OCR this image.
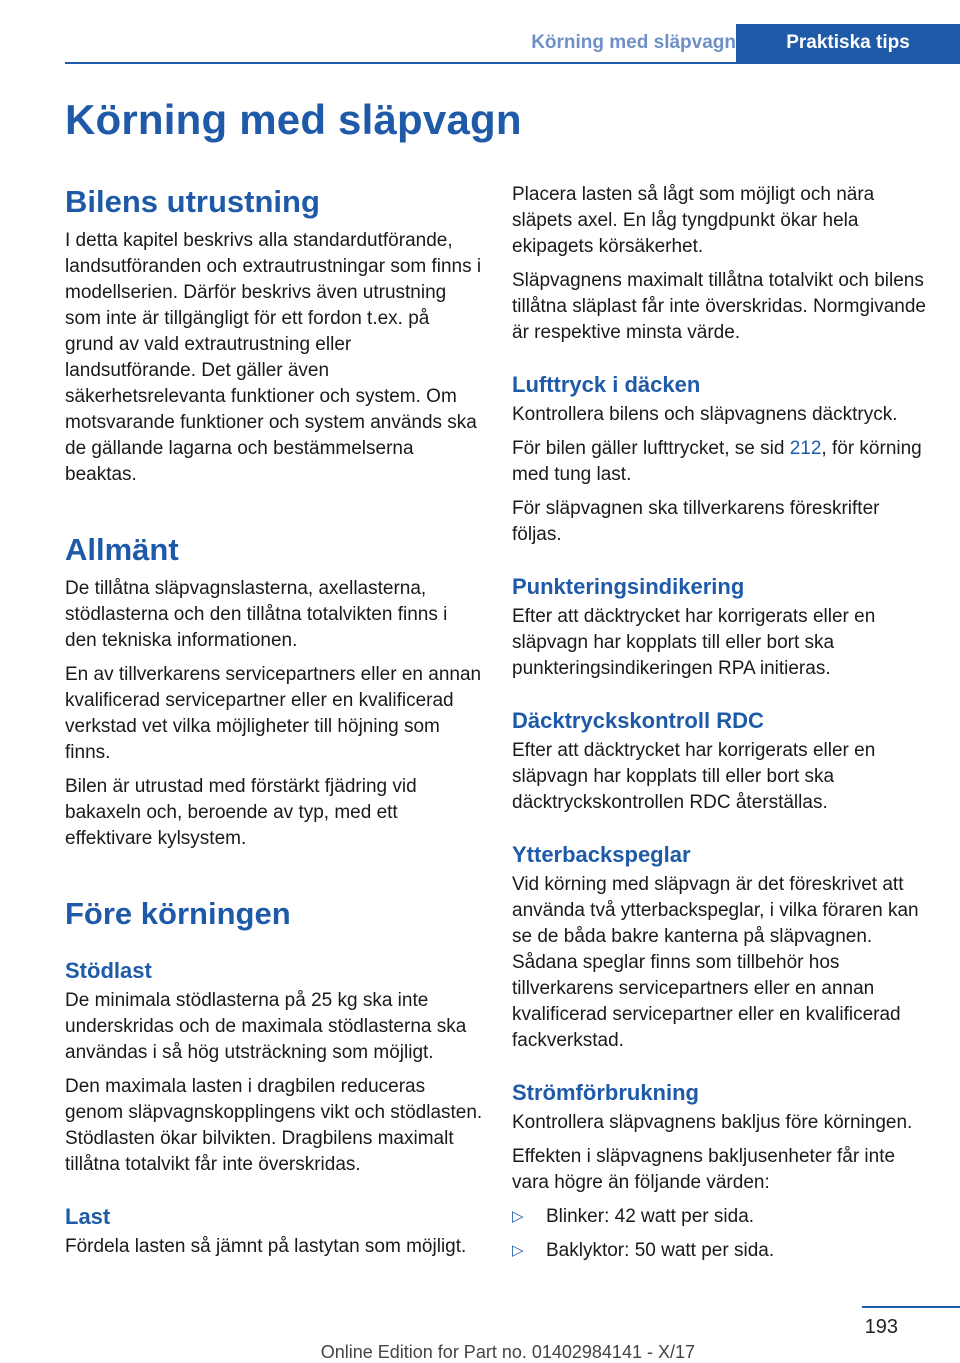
Körning med släpvagn	Praktiska tips
Körning med släpvagn
Bilens utrustning

I detta kapitel beskrivs alla standardutförande, landsutföranden och extrautrustningar som finns i modellserien. Därför beskrivs även utrustning som inte är tillgängligt för ett fordon t.ex. på grund av vald extrautrustning eller landsutförande. Det gäller även säkerhetsrelevanta funktioner och system. Om motsvarande funktioner och system används ska de gällande lagarna och bestämmelserna beaktas.

Allmänt

De tillåtna släpvagnslasterna, axellasterna, stödlasterna och den tillåtna totalvikten finns i den tekniska informationen.

En av tillverkarens servicepartners eller en annan kvalificerad servicepartner eller en kvalificerad verkstad vet vilka möjligheter till höjning som finns.

Bilen är utrustad med förstärkt fjädring vid bakaxeln och, beroende av typ, med ett effektivare kylsystem.

Före körningen
Stödlast

De minimala stödlasterna på 25 kg ska inte underskridas och de maximala stödlasterna ska användas i så hög utsträckning som möjligt.

Den maximala lasten i dragbilen reduceras genom släpvagnskopplingens vikt och stödlasten. Stödlasten ökar bilvikten. Dragbilens maximalt tillåtna totalvikt får inte överskridas.

Last

Fördela lasten så jämnt på lastytan som möjligt.

Placera lasten så lågt som möjligt och nära släpets axel. En låg tyngdpunkt ökar hela ekipagets körsäkerhet.

Släpvagnens maximalt tillåtna totalvikt och bilens tillåtna släplast får inte överskridas. Normgivande är respektive minsta värde.

Lufttryck i däcken

Kontrollera bilens och släpvagnens däcktryck.

För bilen gäller lufttrycket, se sid 212, för körning med tung last.

För släpvagnen ska tillverkarens föreskrifter följas.

Punkteringsindikering

Efter att däcktrycket har korrigerats eller en släpvagn har kopplats till eller bort ska punkteringsindikeringen RPA initieras.

Däcktryckskontroll RDC

Efter att däcktrycket har korrigerats eller en släpvagn har kopplats till eller bort ska däcktryckskontrollen RDC återställas.

Ytterbackspeglar

Vid körning med släpvagn är det föreskrivet att använda två ytterbackspeglar, i vilka föraren kan se de båda bakre kanterna på släpvagnen. Sådana speglar finns som tillbehör hos tillverkarens servicepartners eller en annan kvalificerad servicepartner eller en kvalificerad fackverkstad.

Strömförbrukning

Kontrollera släpvagnens bakljus före körningen.

Effekten i släpvagnens bakljusenheter får inte vara högre än följande värden:

▷ Blinker: 42 watt per sida.
▷ Baklyktor: 50 watt per sida.
193
Online Edition for Part no. 01402984141 - X/17
